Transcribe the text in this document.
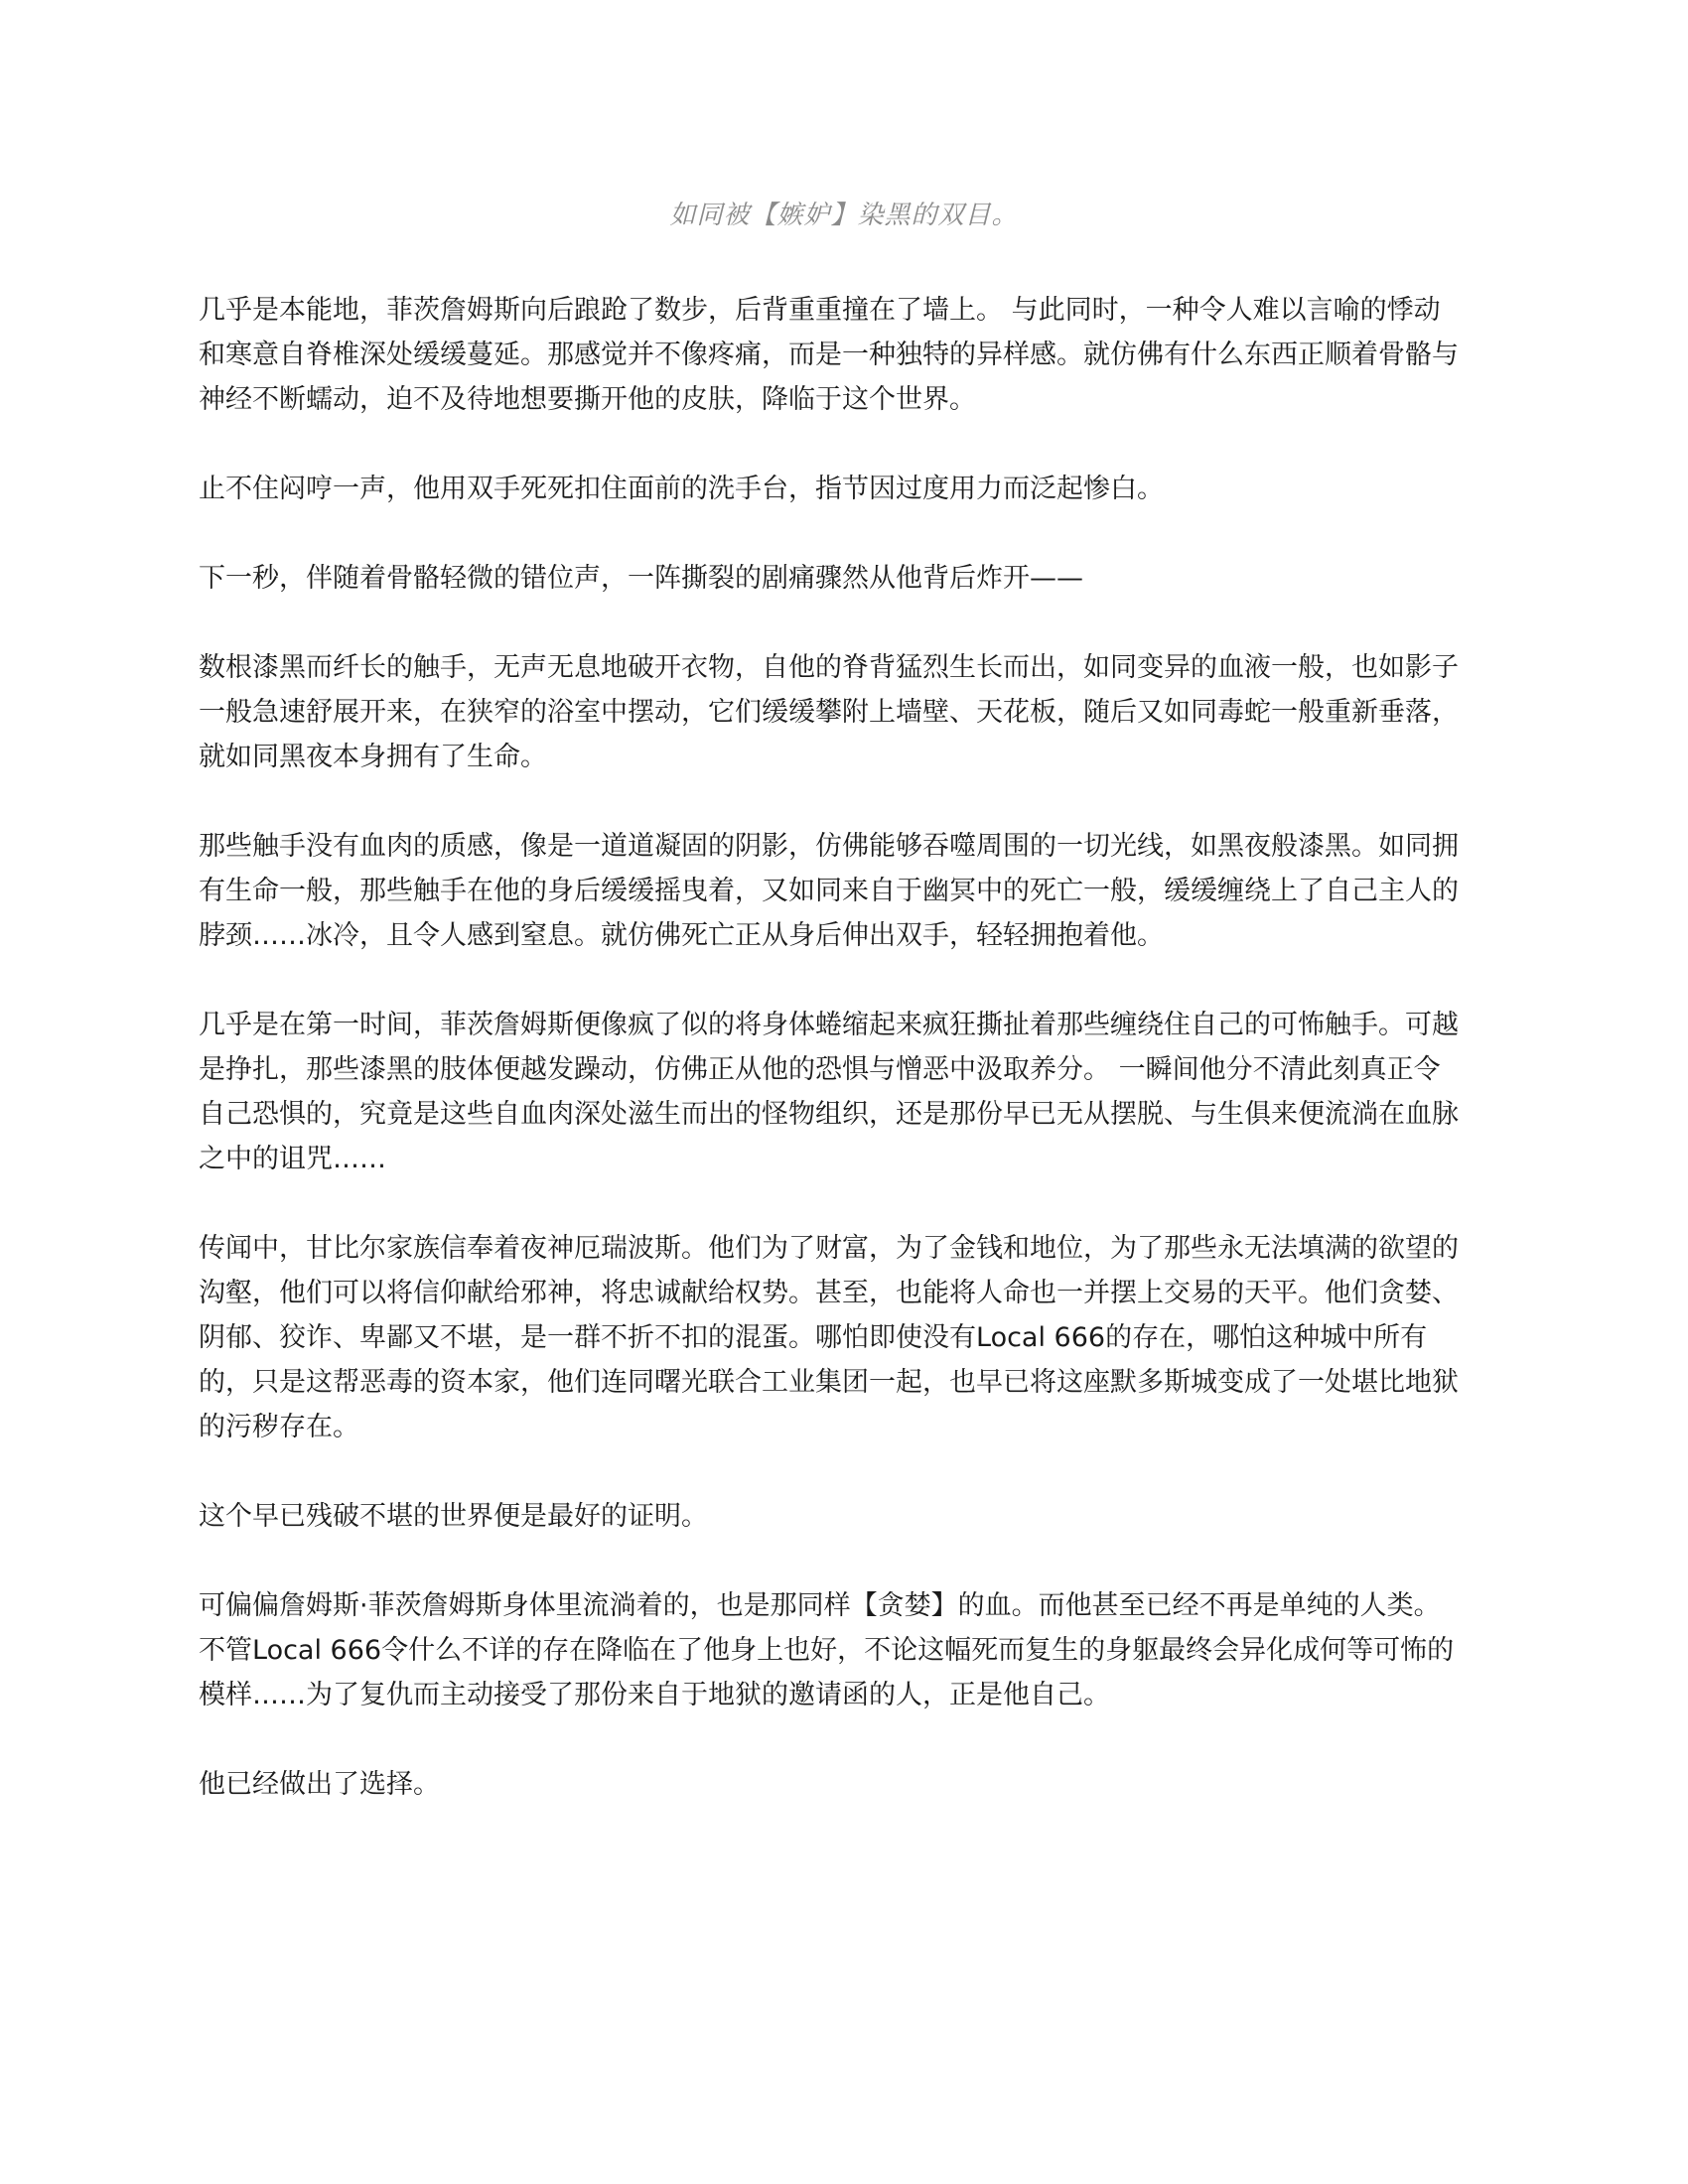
如同被【嫉妒】染黑的双目。

几乎是本能地，菲茨詹姆斯向后踉跄了数步，后背重重撞在了墙上。 与此同时，一种令人难以言喻的悸动和寒意自脊椎深处缓缓蔓延。那感觉并不像疼痛，而是一种独特的异样感。就仿佛有什么东西正顺着骨骼与神经不断蠕动，迫不及待地想要撕开他的皮肤，降临于这个世界。

止不住闷哼一声，他用双手死死扣住面前的洗手台，指节因过度用力而泛起惨白。

下一秒，伴随着骨骼轻微的错位声，一阵撕裂的剧痛骤然从他背后炸开——

数根漆黑而纤长的触手，无声无息地破开衣物，自他的脊背猛烈生长而出，如同变异的血液一般，也如影子一般急速舒展开来，在狭窄的浴室中摆动，它们缓缓攀附上墙壁、天花板，随后又如同毒蛇一般重新垂落，就如同黑夜本身拥有了生命。

那些触手没有血肉的质感，像是一道道凝固的阴影，仿佛能够吞噬周围的一切光线，如黑夜般漆黑。如同拥有生命一般，那些触手在他的身后缓缓摇曳着，又如同来自于幽冥中的死亡一般，缓缓缠绕上了自己主人的脖颈……冰冷，且令人感到窒息。就仿佛死亡正从身后伸出双手，轻轻拥抱着他。

几乎是在第一时间，菲茨詹姆斯便像疯了似的将身体蜷缩起来疯狂撕扯着那些缠绕住自己的可怖触手。可越是挣扎，那些漆黑的肢体便越发躁动，仿佛正从他的恐惧与憎恶中汲取养分。 一瞬间他分不清此刻真正令自己恐惧的，究竟是这些自血肉深处滋生而出的怪物组织，还是那份早已无从摆脱、与生俱来便流淌在血脉之中的诅咒……

传闻中，甘比尔家族信奉着夜神厄瑞波斯。他们为了财富，为了金钱和地位，为了那些永无法填满的欲望的沟壑，他们可以将信仰献给邪神，将忠诚献给权势。甚至，也能将人命也一并摆上交易的天平。他们贪婪、阴郁、狡诈、卑鄙又不堪，是一群不折不扣的混蛋。哪怕即使没有Local 666的存在，哪怕这种城中所有的，只是这帮恶毒的资本家，他们连同曙光联合工业集团一起，也早已将这座默多斯城变成了一处堪比地狱的污秽存在。

这个早已残破不堪的世界便是最好的证明。

可偏偏詹姆斯·菲茨詹姆斯身体里流淌着的，也是那同样【贪婪】的血。而他甚至已经不再是单纯的人类。不管Local 666令什么不详的存在降临在了他身上也好，不论这幅死而复生的身躯最终会异化成何等可怖的模样……为了复仇而主动接受了那份来自于地狱的邀请函的人，正是他自己。

他已经做出了选择。
